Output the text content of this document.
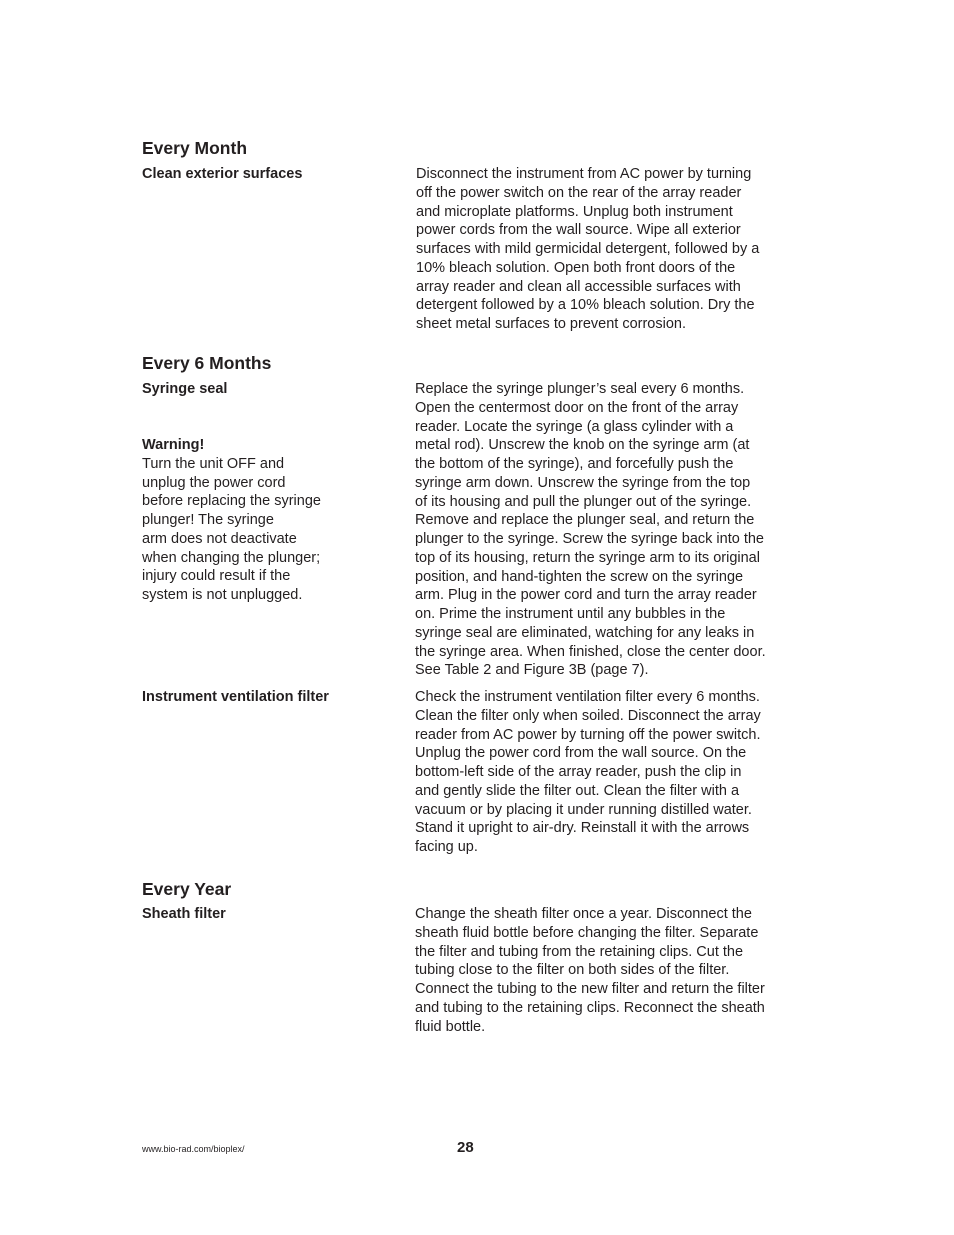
Every Month

Clean exterior surfaces	Disconnect the instrument from AC power by turning
off the power switch on the rear of the array reader
and microplate platforms. Unplug both instrument
power cords from the wall source. Wipe all exterior
surfaces with mild germicidal detergent, followed by a
10% bleach solution. Open both front doors of the
array reader and clean all accessible surfaces with
detergent followed by a 10% bleach solution. Dry the
sheet metal surfaces to prevent corrosion.

Every 6 Months

Syringe seal	Replace the syringe plunger’s seal every 6 months.
Open the centermost door on the front of the array
reader. Locate the syringe (a glass cylinder with a
metal rod). Unscrew the knob on the syringe arm (at
the bottom of the syringe), and forcefully push the
syringe arm down. Unscrew the syringe from the top
of its housing and pull the plunger out of the syringe.
Remove and replace the plunger seal, and return the
plunger to the syringe. Screw the syringe back into the
top of its housing, return the syringe arm to its original
position, and hand-tighten the screw on the syringe
arm. Plug in the power cord and turn the array reader
on. Prime the instrument until any bubbles in the
syringe seal are eliminated, watching for any leaks in
the syringe area. When finished, close the center door.
See Table 2 and Figure 3B (page 7).

Warning!
Turn the unit OFF and
unplug the power cord
before replacing the syringe
plunger! The syringe
arm does not deactivate
when changing the plunger;
injury could result if the
system is not unplugged.

Instrument ventilation filter	Check the instrument ventilation filter every 6 months.
Clean the filter only when soiled. Disconnect the array
reader from AC power by turning off the power switch.
Unplug the power cord from the wall source. On the
bottom-left side of the array reader, push the clip in
and gently slide the filter out. Clean the filter with a
vacuum or by placing it under running distilled water.
Stand it upright to air-dry. Reinstall it with the arrows
facing up.

Every Year

Sheath filter	Change the sheath filter once a year. Disconnect the
sheath fluid bottle before changing the filter. Separate
the filter and tubing from the retaining clips. Cut the
tubing close to the filter on both sides of the filter.
Connect the tubing to the new filter and return the filter
and tubing to the retaining clips. Reconnect the sheath
fluid bottle.

www.bio-rad.com/bioplex/	28
